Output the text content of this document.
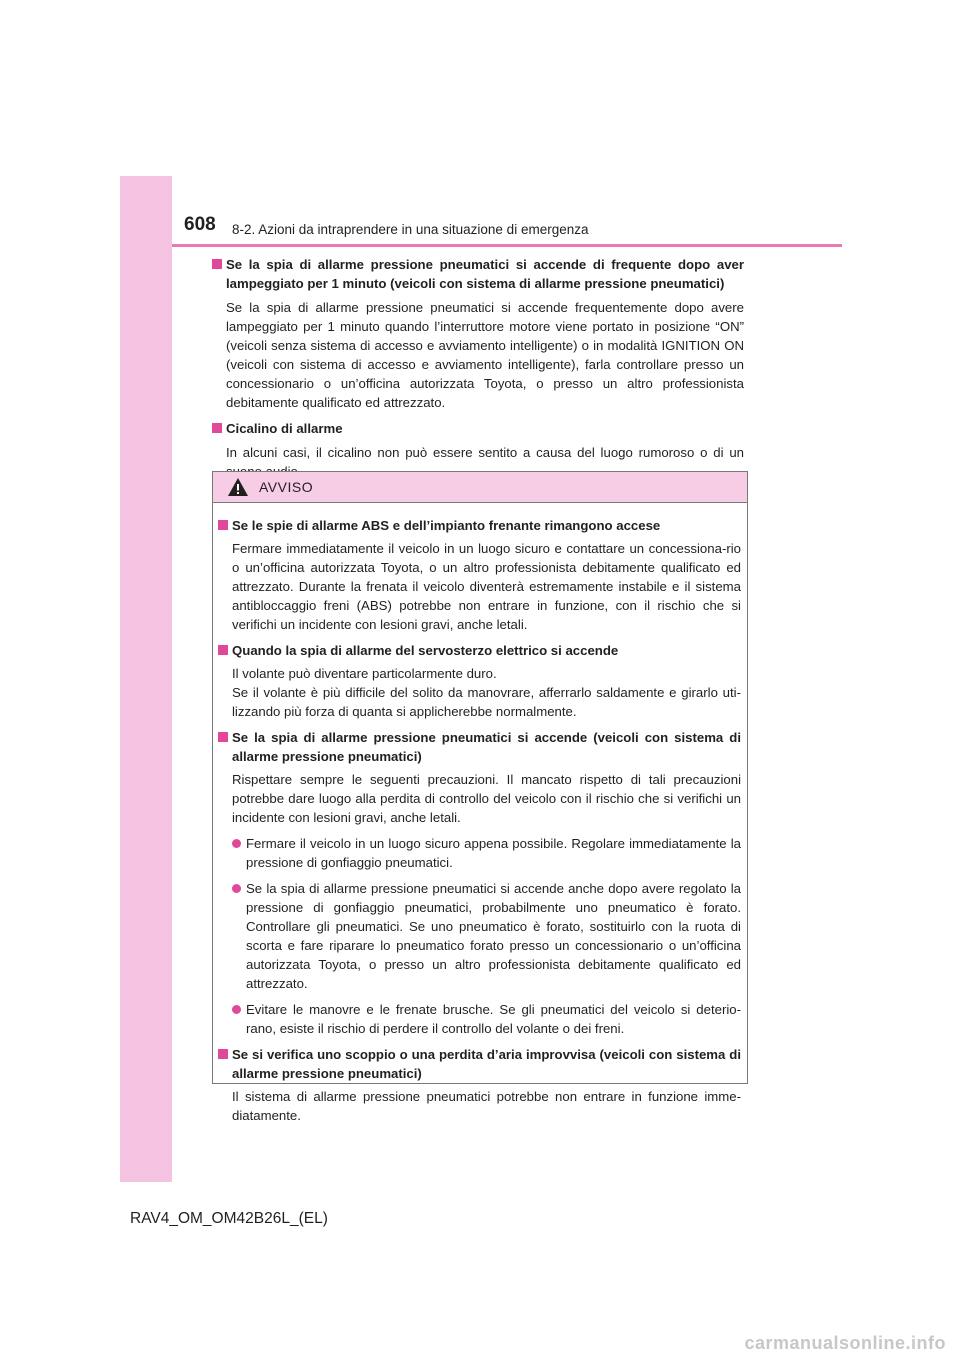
608 8-2. Azioni da intraprendere in una situazione di emergenza
Se la spia di allarme pressione pneumatici si accende di frequente dopo aver lampeggiato per 1 minuto (veicoli con sistema di allarme pressione pneumatici)
Se la spia di allarme pressione pneumatici si accende frequentemente dopo avere lampeggiato per 1 minuto quando l’interruttore motore viene portato in posizione “ON” (veicoli senza sistema di accesso e avviamento intelligente) o in modalità IGNITION ON (veicoli con sistema di accesso e avviamento intelligente), farla controllare presso un concessionario o un’officina autorizzata Toyota, o presso un altro professionista debitamente qualificato ed attrezzato.
Cicalino di allarme
In alcuni casi, il cicalino non può essere sentito a causa del luogo rumoroso o di un
AVVISO
Se le spie di allarme ABS e dell’impianto frenante rimangono accese
Fermare immediatamente il veicolo in un luogo sicuro e contattare un concessiona-rio o un’officina autorizzata Toyota, o un altro professionista debitamente qualificato ed attrezzato. Durante la frenata il veicolo diventerà estremamente instabile e il sistema antibloccaggio freni (ABS) potrebbe non entrare in funzione, con il rischio che si verifichi un incidente con lesioni gravi, anche letali.
Quando la spia di allarme del servosterzo elettrico si accende
Il volante può diventare particolarmente duro.
Se il volante è più difficile del solito da manovrare, afferrarlo saldamente e girarlo uti-lizzando più forza di quanta si applicherebbe normalmente.
Se la spia di allarme pressione pneumatici si accende (veicoli con sistema di allarme pressione pneumatici)
Rispettare sempre le seguenti precauzioni. Il mancato rispetto di tali precauzioni potrebbe dare luogo alla perdita di controllo del veicolo con il rischio che si verifichi un incidente con lesioni gravi, anche letali.
Fermare il veicolo in un luogo sicuro appena possibile. Regolare immediatamente la pressione di gonfiaggio pneumatici.
Se la spia di allarme pressione pneumatici si accende anche dopo avere regolato la pressione di gonfiaggio pneumatici, probabilmente uno pneumatico è forato. Controllare gli pneumatici. Se uno pneumatico è forato, sostituirlo con la ruota di scorta e fare riparare lo pneumatico forato presso un concessionario o un’officina autorizzata Toyota, o presso un altro professionista debitamente qualificato ed attrezzato.
Evitare le manovre e le frenate brusche. Se gli pneumatici del veicolo si deterio-rano, esiste il rischio di perdere il controllo del volante o dei freni.
Se si verifica uno scoppio o una perdita d’aria improvvisa (veicoli con sistema di allarme pressione pneumatici)
Il sistema di allarme pressione pneumatici potrebbe non entrare in funzione imme-diatamente.
RAV4_OM_OM42B26L_(EL)
carmanualsonline.info
